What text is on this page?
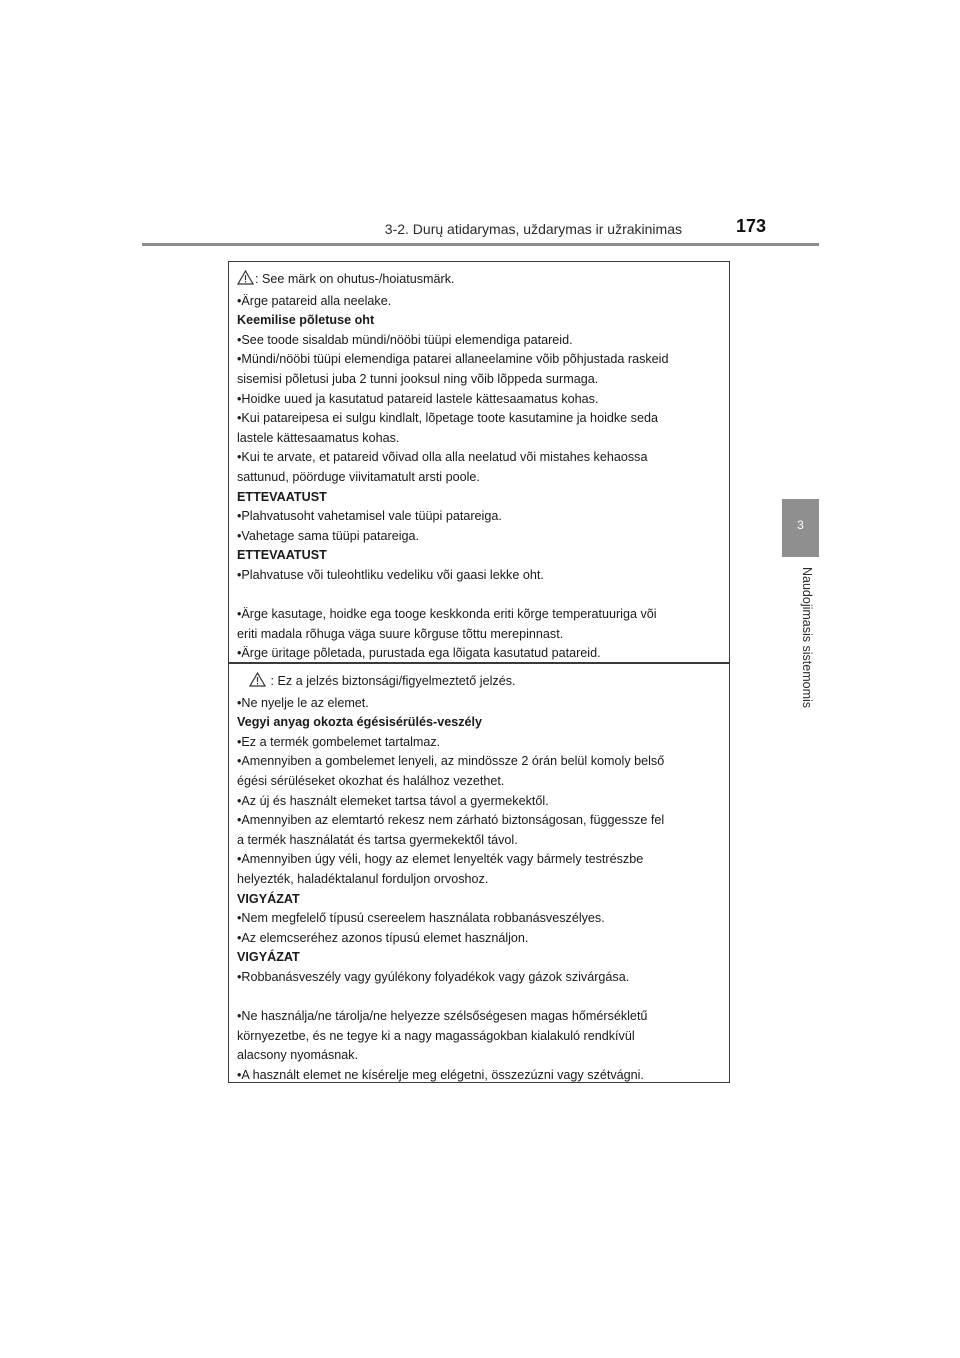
3-2. Durų atidarymas, uždarymas ir užrakinimas	173
3
Naudojimasis sistemomis
: See märk on ohutus-/hoiatusmärk.
•Ärge patareid alla neelake.
Keemilise põletuse oht
•See toode sisaldab mündi/nööbi tüüpi elemendiga patareid.
•Mündi/nööbi tüüpi elemendiga patarei allaneelamine võib põhjustada raskeid
sisemisi põletusi juba 2 tunni jooksul ning võib lõppeda surmaga.
•Hoidke uued ja kasutatud patareid lastele kättesaamatus kohas.
•Kui patareipesa ei sulgu kindlalt, lõpetage toote kasutamine ja hoidke seda
lastele kättesaamatus kohas.
•Kui te arvate, et patareid võivad olla alla neelatud või mistahes kehaossa
sattunud, pöörduge viivitamatult arsti poole.
ETTEVAATUST
•Plahvatusoht vahetamisel vale tüüpi patareiga.
•Vahetage sama tüüpi patareiga.
ETTEVAATUST
•Plahvatuse või tuleohtliku vedeliku või gaasi lekke oht.
•Ärge kasutage, hoidke ega tooge keskkonda eriti kõrge temperatuuriga või
eriti madala rõhuga väga suure kõrguse tõttu merepinnast.
•Ärge üritage põletada, purustada ega lõigata kasutatud patareid.
: Ez a jelzés biztonsági/figyelmeztető jelzés.
•Ne nyelje le az elemet.
Vegyi anyag okozta égésisérülés-veszély
•Ez a termék gombelemet tartalmaz.
•Amennyiben a gombelemet lenyeli, az mindössze 2 órán belül komoly belső
égési sérüléseket okozhat és halálhoz vezethet.
•Az új és használt elemeket tartsa távol a gyermekektől.
•Amennyiben az elemtartó rekesz nem zárható biztonságosan, függessze fel
a termék használatát és tartsa gyermekektől távol.
•Amennyiben úgy véli, hogy az elemet lenyelték vagy bármely testrészbe
helyezték, haladéktalanul forduljon orvoshoz.
VIGYÁZAT
•Nem megfelelő típusú csereelem használata robbanásveszélyes.
•Az elemcseréhez azonos típusú elemet használjon.
VIGYÁZAT
•Robbanásveszély vagy gyúlékony folyadékok vagy gázok szivárgása.
•Ne használja/ne tárolja/ne helyezze szélsőségesen magas hőmérsékletű
környezetbe, és ne tegye ki a nagy magasságokban kialakuló rendkívül
alacsony nyomásnak.
•A használt elemet ne kísérelje meg elégetni, összezúzni vagy szétvágni.
